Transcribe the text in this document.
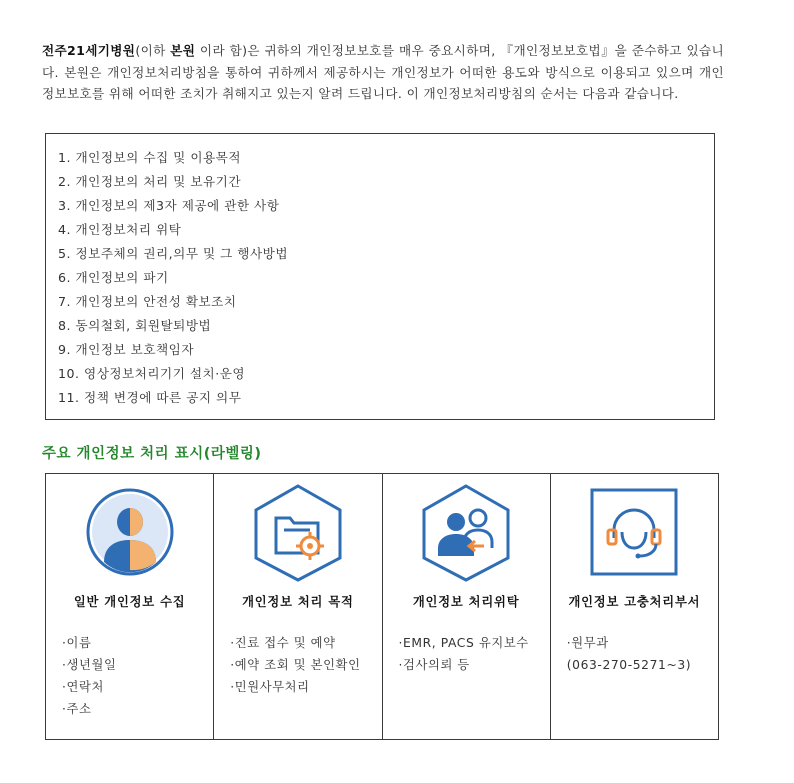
전주21세기병원(이하 본원 이라 함)은 귀하의 개인정보보호를 매우 중요시하며, 『개인정보보호법』을 준수하고 있습니다. 본원은 개인정보처리방침을 통하여 귀하께서 제공하시는 개인정보가 어떠한 용도와 방식으로 이용되고 있으며 개인정보보호를 위해 어떠한 조치가 취해지고 있는지 알려 드립니다. 이 개인정보처리방침의 순서는 다음과 같습니다.
1. 개인정보의 수집 및 이용목적
2. 개인정보의 처리 및 보유기간
3. 개인정보의 제3자 제공에 관한 사항
4. 개인정보처리 위탁
5. 정보주체의 권리,의무 및 그 행사방법
6. 개인정보의 파기
7. 개인정보의 안전성 확보조치
8. 동의철회, 회원탈퇴방법
9. 개인정보 보호책임자
10. 영상정보처리기기 설치·운영
11. 정책 변경에 따른 공지 의무
주요 개인정보 처리 표시(라벨링)
일반 개인정보 수집
·이름
·생년월일
·연락처
·주소
개인정보 처리 목적
·진료 접수 및 예약
·예약 조회 및 본인확인
·민원사무처리
개인정보 처리위탁
·EMR, PACS 유지보수
·검사의뢰 등
개인정보 고충처리부서
·원무과
(063-270-5271~3)
